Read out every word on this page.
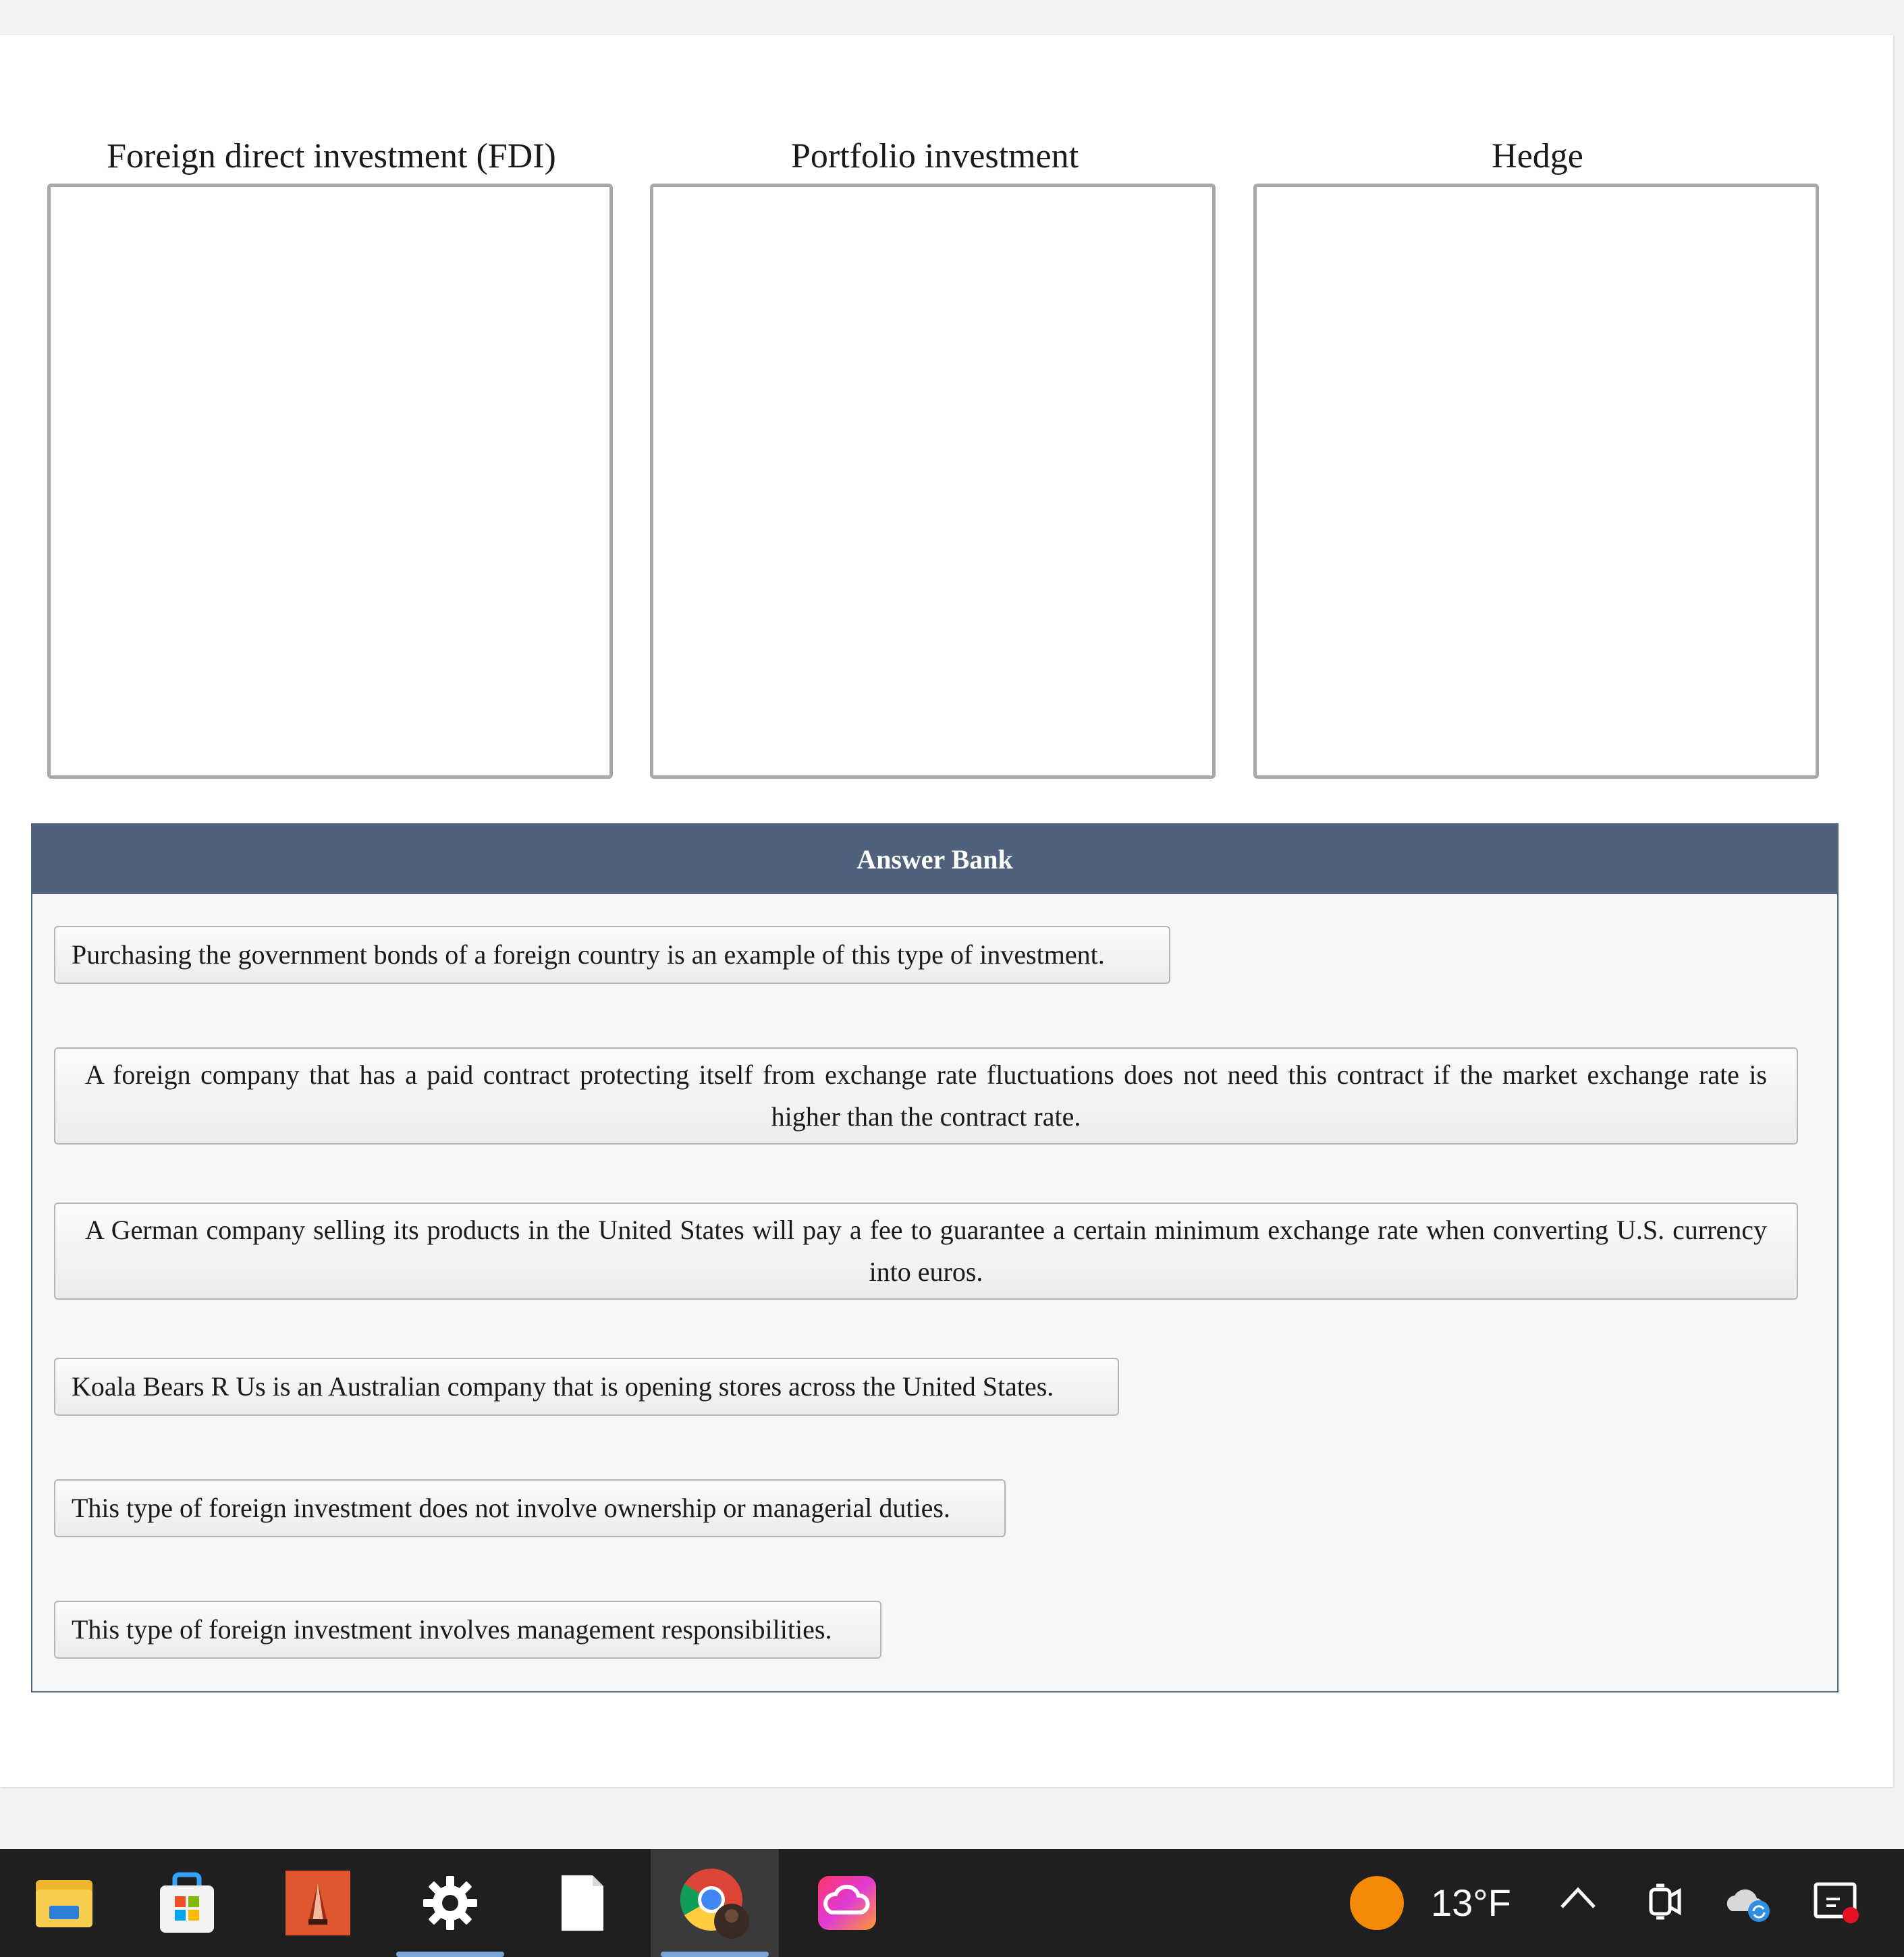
Foreign direct investment (FDI)	Portfolio investment	Hedge
Answer Bank
Purchasing the government bonds of a foreign country is an example of this type of investment.
A foreign company that has a paid contract protecting itself from exchange rate fluctuations does not need this contract if the market exchange rate is higher than the contract rate.
A German company selling its products in the United States will pay a fee to guarantee a certain minimum exchange rate when converting U.S. currency into euros.
Koala Bears R Us is an Australian company that is opening stores across the United States.
This type of foreign investment does not involve ownership or managerial duties.
This type of foreign investment involves management responsibilities.
13°F
